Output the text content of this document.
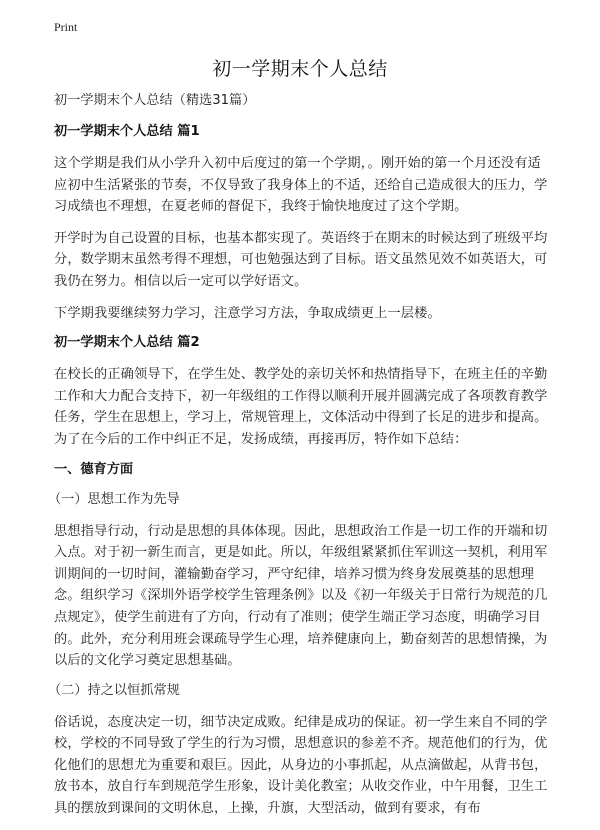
Print
初一学期末个人总结

初一学期末个人总结（精选31篇）

初一学期末个人总结 篇1

这个学期是我们从小学升入初中后度过的第一个学期，。刚开始的第一个月还没有适应初中生活紧张的节奏，不仅导致了我身体上的不适，还给自己造成很大的压力，学习成绩也不理想，在夏老师的督促下，我终于愉快地度过了这个学期。

开学时为自己设置的目标，也基本都实现了。英语终于在期末的时候达到了班级平均分，数学期末虽然考得不理想，可也勉强达到了目标。语文虽然见效不如英语大，可我仍在努力。相信以后一定可以学好语文。

下学期我要继续努力学习，注意学习方法，争取成绩更上一层楼。

初一学期末个人总结 篇2

在校长的正确领导下，在学生处、教学处的亲切关怀和热情指导下，在班主任的辛勤工作和大力配合支持下，初一年级组的工作得以顺利开展并圆满完成了各项教育教学任务，学生在思想上，学习上，常规管理上，文体活动中得到了长足的进步和提高。为了在今后的工作中纠正不足，发扬成绩，再接再厉，特作如下总结：

一、德育方面

（一）思想工作为先导

思想指导行动，行动是思想的具体体现。因此，思想政治工作是一切工作的开端和切入点。对于初一新生而言，更是如此。所以，年级组紧紧抓住军训这一契机，利用军训期间的一切时间，灌输勤奋学习，严守纪律，培养习惯为终身发展奠基的思想理念。组织学习《深圳外语学校学生管理条例》以及《初一年级关于日常行为规范的几点规定》，使学生前进有了方向，行动有了准则；使学生端正学习态度，明确学习目的。此外，充分利用班会课疏导学生心理，培养健康向上，勤奋刻苦的思想情操，为以后的文化学习奠定思想基础。

（二）持之以恒抓常规

俗话说，态度决定一切，细节决定成败。纪律是成功的保证。初一学生来自不同的学校，学校的不同导致了学生的行为习惯，思想意识的参差不齐。规范他们的行为，优化他们的思想尤为重要和艰巨。因此，从身边的小事抓起，从点滴做起，从背书包，放书本，放自行车到规范学生形象，设计美化教室；从收交作业，中午用餐，卫生工具的摆放到课间的文明休息，上操，升旗，大型活动，做到有要求，有布
